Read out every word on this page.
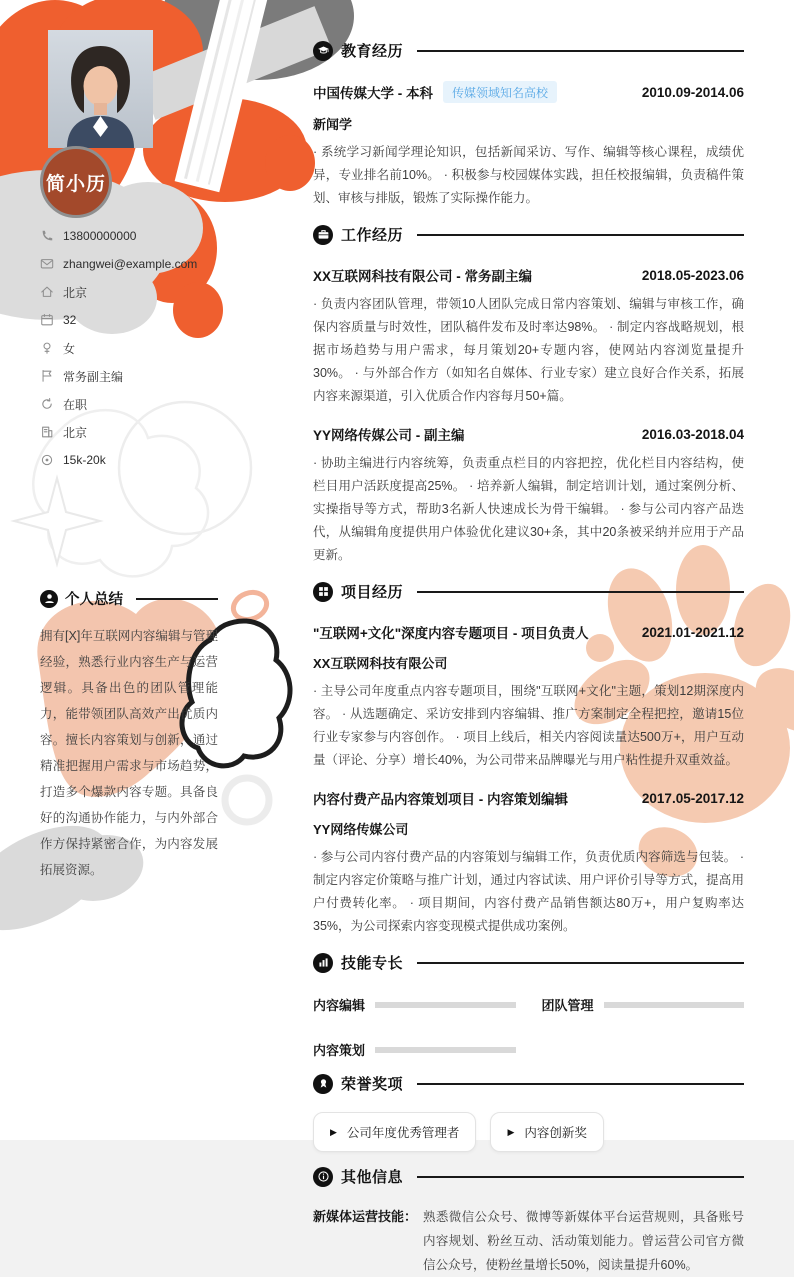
简小历
13800000000
zhangwei@example.com
北京
32
女
常务副主编
在职
北京
15k-20k
个人总结

拥有[X]年互联网内容编辑与管理经验，熟悉行业内容生产与运营逻辑。具备出色的团队管理能力，能带领团队高效产出优质内容。擅长内容策划与创新，通过精准把握用户需求与市场趋势，打造多个爆款内容专题。具备良好的沟通协作能力，与内外部合作方保持紧密合作，为内容发展拓展资源。

教育经历
中国传媒大学 - 本科	传媒领域知名高校	2010.09-2014.06
新闻学

· 系统学习新闻学理论知识，包括新闻采访、写作、编辑等核心课程，成绩优异，专业排名前10%。 · 积极参与校园媒体实践，担任校报编辑，负责稿件策划、审核与排版，锻炼了实际操作能力。

工作经历
XX互联网科技有限公司 - 常务副主编	2018.05-2023.06

· 负责内容团队管理，带领10人团队完成日常内容策划、编辑与审核工作，确保内容质量与时效性，团队稿件发布及时率达98%。 · 制定内容战略规划，根据市场趋势与用户需求，每月策划20+专题内容，使网站内容浏览量提升30%。 · 与外部合作方（如知名自媒体、行业专家）建立良好合作关系，拓展内容来源渠道，引入优质合作内容每月50+篇。

YY网络传媒公司 - 副主编	2016.03-2018.04

· 协助主编进行内容统筹，负责重点栏目的内容把控，优化栏目内容结构，使栏目用户活跃度提高25%。 · 培养新人编辑，制定培训计划，通过案例分析、实操指导等方式，帮助3名新人快速成长为骨干编辑。 · 参与公司内容产品迭代，从编辑角度提供用户体验优化建议30+条，其中20条被采纳并应用于产品更新。

项目经历
"互联网+文化"深度内容专题项目 - 项目负责人	2021.01-2021.12
XX互联网科技有限公司

· 主导公司年度重点内容专题项目，围绕"互联网+文化"主题，策划12期深度内容。 · 从选题确定、采访安排到内容编辑、推广方案制定全程把控，邀请15位行业专家参与内容创作。 · 项目上线后，相关内容阅读量达500万+，用户互动量（评论、分享）增长40%，为公司带来品牌曝光与用户粘性提升双重效益。

内容付费产品内容策划项目 - 内容策划编辑	2017.05-2017.12
YY网络传媒公司

· 参与公司内容付费产品的内容策划与编辑工作，负责优质内容筛选与包装。 · 制定内容定价策略与推广计划，通过内容试读、用户评价引导等方式，提高用户付费转化率。 · 项目期间，内容付费产品销售额达80万+，用户复购率达35%，为公司探索内容变现模式提供成功案例。

技能专长
内容编辑	团队管理
内容策划
荣誉奖项
▶ 公司年度优秀管理者	▶ 内容创新奖
其他信息
新媒体运营技能： 熟悉微信公众号、微博等新媒体平台运营规则，具备账号内容规划、粉丝互动、活动策划能力。曾运营公司官方微信公众号，使粉丝量增长50%，阅读量提升60%。
